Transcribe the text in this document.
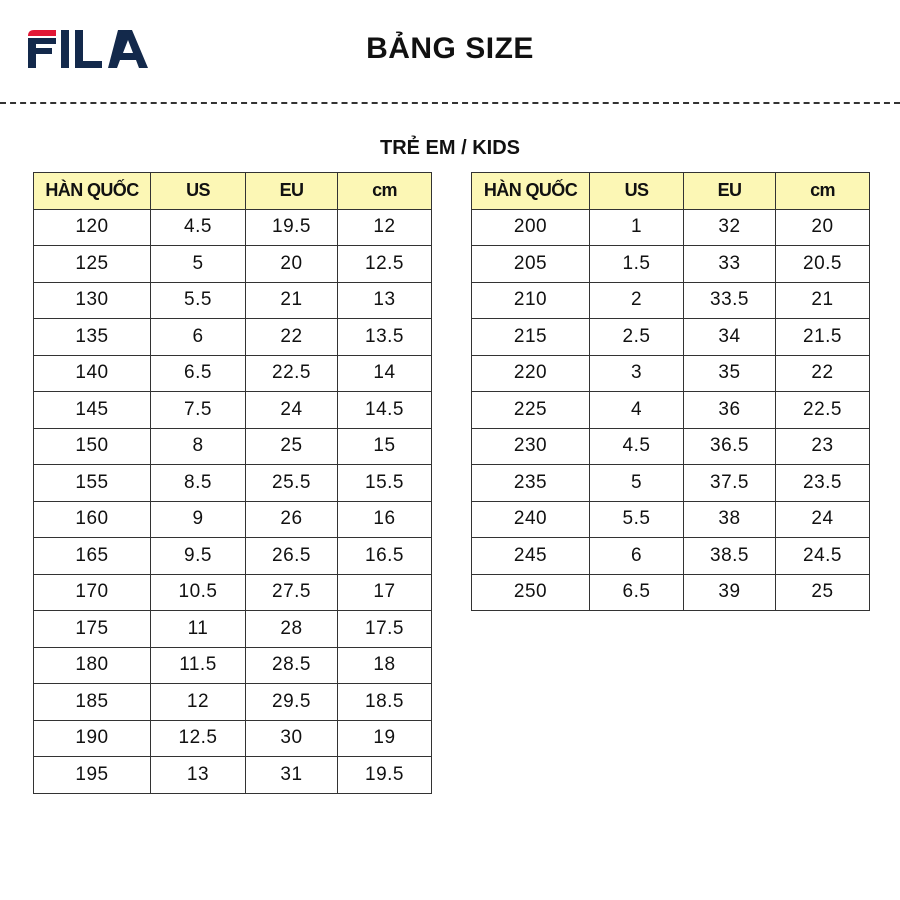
BẢNG SIZE
TRẺ EM / KIDS
HÀN QUỐC	US	EU	cm
120	4.5	19.5	12
125	5	20	12.5
130	5.5	21	13
135	6	22	13.5
140	6.5	22.5	14
145	7.5	24	14.5
150	8	25	15
155	8.5	25.5	15.5
160	9	26	16
165	9.5	26.5	16.5
170	10.5	27.5	17
175	11	28	17.5
180	11.5	28.5	18
185	12	29.5	18.5
190	12.5	30	19
195	13	31	19.5
HÀN QUỐC	US	EU	cm
200	1	32	20
205	1.5	33	20.5
210	2	33.5	21
215	2.5	34	21.5
220	3	35	22
225	4	36	22.5
230	4.5	36.5	23
235	5	37.5	23.5
240	5.5	38	24
245	6	38.5	24.5
250	6.5	39	25
